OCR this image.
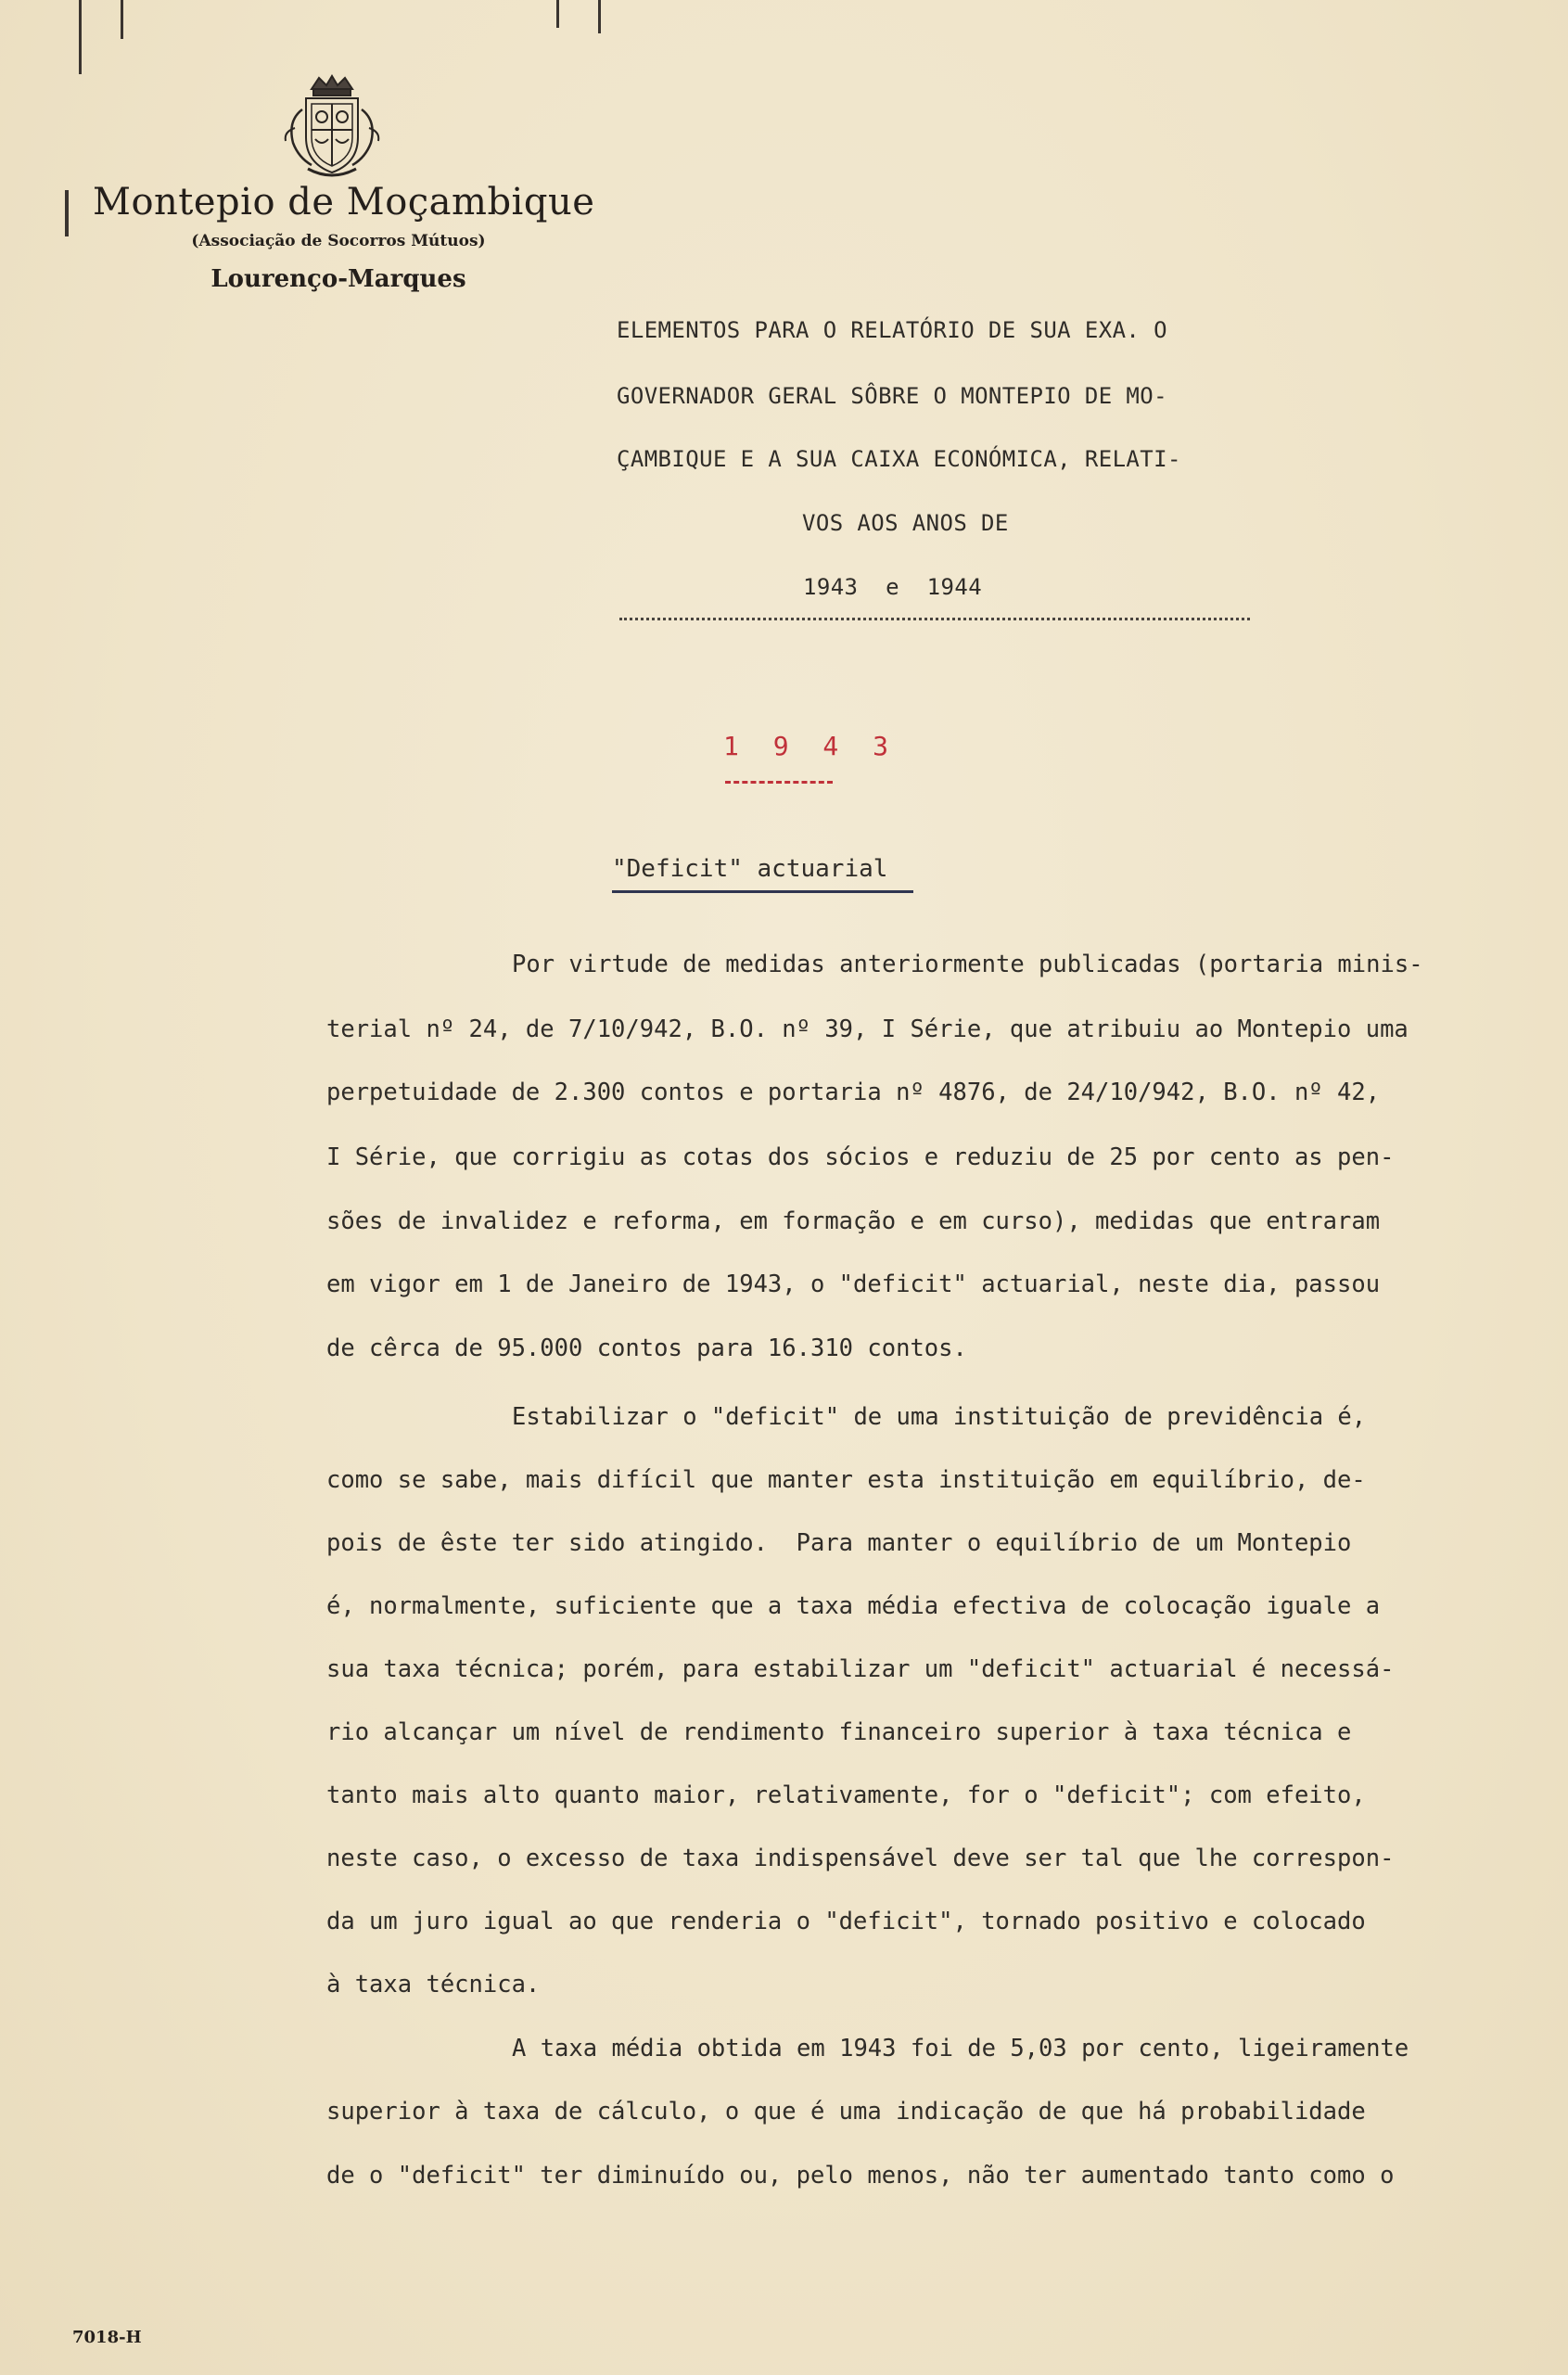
Montepio de Moçambique
(Associação de Socorros Mútuos)
Lourenço-Marques
ELEMENTOS PARA O RELATÓRIO DE SUA EXA. O
GOVERNADOR GERAL SÔBRE O MONTEPIO DE MO-
ÇAMBIQUE E A SUA CAIXA ECONÓMICA, RELATI-
VOS AOS ANOS DE
1943  e  1944
1 9 4 3
"Deficit" actuarial
Por virtude de medidas anteriormente publicadas (portaria minis-
terial nº 24, de 7/10/942, B.O. nº 39, I Série, que atribuiu ao Montepio uma
perpetuidade de 2.300 contos e portaria nº 4876, de 24/10/942, B.O. nº 42,
I Série, que corrigiu as cotas dos sócios e reduziu de 25 por cento as pen-
sões de invalidez e reforma, em formação e em curso), medidas que entraram
em vigor em 1 de Janeiro de 1943, o "deficit" actuarial, neste dia, passou
de cêrca de 95.000 contos para 16.310 contos.
Estabilizar o "deficit" de uma instituição de previdência é,
como se sabe, mais difícil que manter esta instituição em equilíbrio, de-
pois de êste ter sido atingido.  Para manter o equilíbrio de um Montepio
é, normalmente, suficiente que a taxa média efectiva de colocação iguale a
sua taxa técnica; porém, para estabilizar um "deficit" actuarial é necessá-
rio alcançar um nível de rendimento financeiro superior à taxa técnica e
tanto mais alto quanto maior, relativamente, for o "deficit"; com efeito,
neste caso, o excesso de taxa indispensável deve ser tal que lhe correspon-
da um juro igual ao que renderia o "deficit", tornado positivo e colocado
à taxa técnica.
A taxa média obtida em 1943 foi de 5,03 por cento, ligeiramente
superior à taxa de cálculo, o que é uma indicação de que há probabilidade
de o "deficit" ter diminuído ou, pelo menos, não ter aumentado tanto como o
7018-H
